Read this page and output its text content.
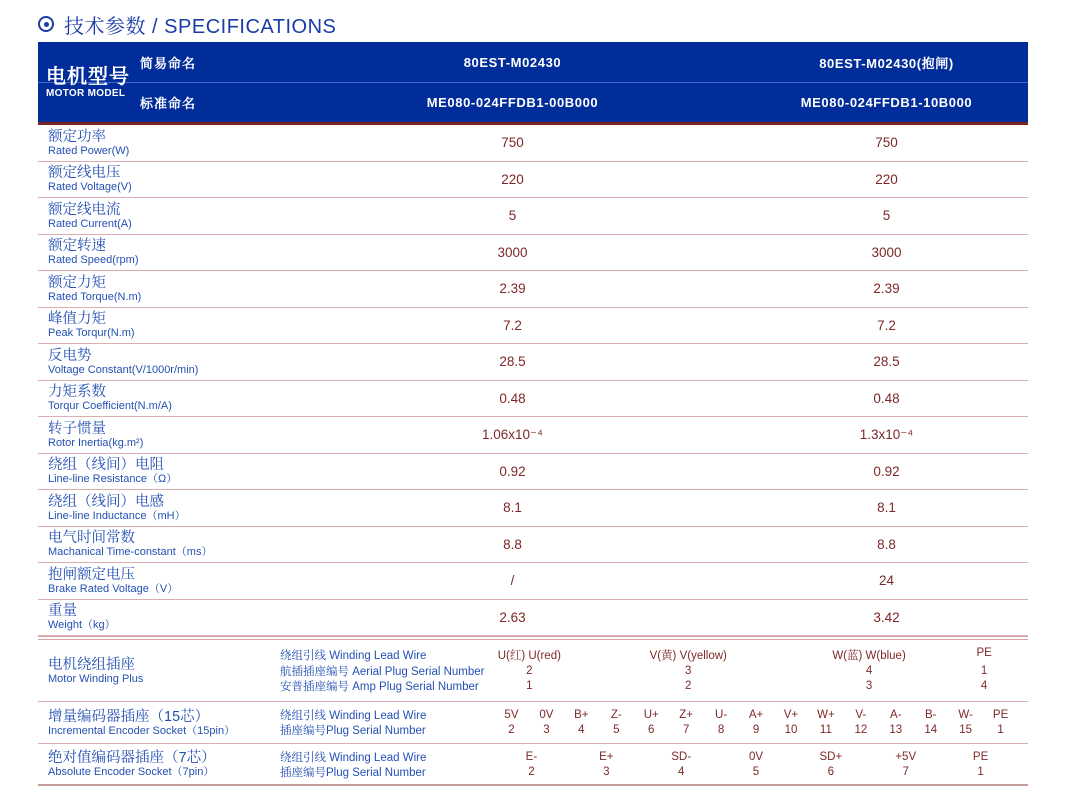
技术参数 / SPECIFICATIONS
电机型号
MOTOR MODEL
简易命名	80EST-M02430	80EST-M02430(抱闸)
标准命名	ME080-024FFDB1-00B000	ME080-024FFDB1-10B000
额定功率
Rated Power(W)
750	750
额定线电压
Rated Voltage(V)
220	220
额定线电流
Rated Current(A)
5	5
额定转速
Rated Speed(rpm)
3000	3000
额定力矩
Rated Torque(N.m)
2.39	2.39
峰值力矩
Peak Torqur(N.m)
7.2	7.2
反电势
Voltage Constant(V/1000r/min)
28.5	28.5
力矩系数
Torqur Coefficient(N.m/A)
0.48	0.48
转子惯量
Rotor Inertia(kg.m²)
1.06x10⁻⁴	1.3x10⁻⁴
绕组（线间）电阻
Line-line Resistance（Ω）
0.92	0.92
绕组（线间）电感
Line-line Inductance（mH）
8.1	8.1
电气时间常数
Machanical Time-constant（ms）
8.8	8.8
抱闸额定电压
Brake Rated Voltage（V）
/	24
重量
Weight（kg）
2.63	3.42
电机绕组插座
Motor Winding Plus
绕组引线 Winding Lead Wire	U(红) U(red)	V(黄) V(yellow)	W(蓝) W(blue)	PE
航插插座编号 Aerial Plug Serial Number	2	3	4	1
安普插座编号 Amp Plug Serial Number	1	2	3	4
增量编码器插座（15芯）
Incremental Encoder Socket（15pin）
绕组引线 Winding Lead Wire	5V	0V	B+	Z-	U+	Z+	U-	A+	V+	W+	V-	A-	B-	W-	PE
插座编号Plug Serial Number	2	3	4	5	6	7	8	9	10	11	12	13	14	15	1
绝对值编码器插座（7芯）
Absolute Encoder Socket（7pin）
绕组引线 Winding Lead Wire	E-	E+	SD-	0V	SD+	+5V	PE
插座编号Plug Serial Number	2	3	4	5	6	7	1
